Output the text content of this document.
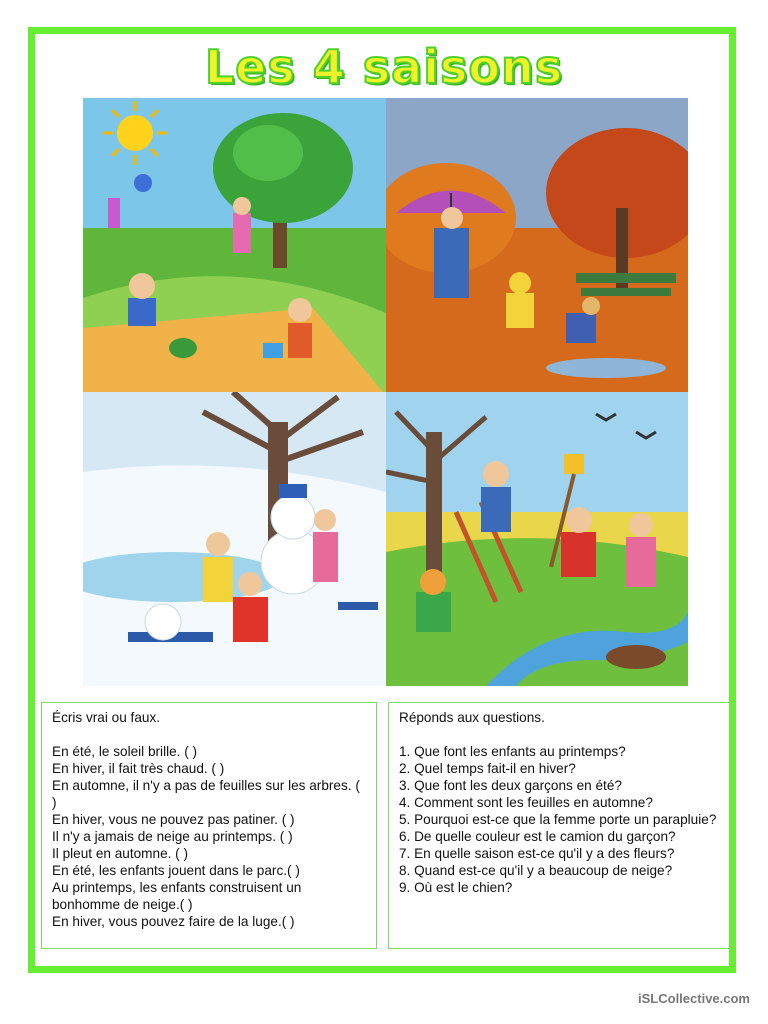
Les 4 saisons
Écris vrai ou faux.
En été, le soleil brille. ( )
En hiver, il fait très chaud. ( )
En automne, il n'y a pas de feuilles sur les arbres. ( )
En hiver, vous ne pouvez pas patiner. ( )
Il n'y a jamais de neige au printemps. ( )
Il pleut en automne. ( )
En été, les enfants jouent dans le parc.( )
Au printemps, les enfants construisent un bonhomme de neige.( )
En hiver, vous pouvez faire de la luge.( )
Réponds aux questions.
1. Que font les enfants au printemps?
2. Quel temps fait-il en hiver?
3. Que font les deux garçons en été?
4. Comment sont les feuilles en automne?
5. Pourquoi est-ce que la femme porte un parapluie?
6. De quelle couleur est le camion du garçon?
7. En quelle saison est-ce qu'il y a des fleurs?
8. Quand est-ce qu'il y a beaucoup de neige?
9. Où est le chien?
iSLCollective.com
